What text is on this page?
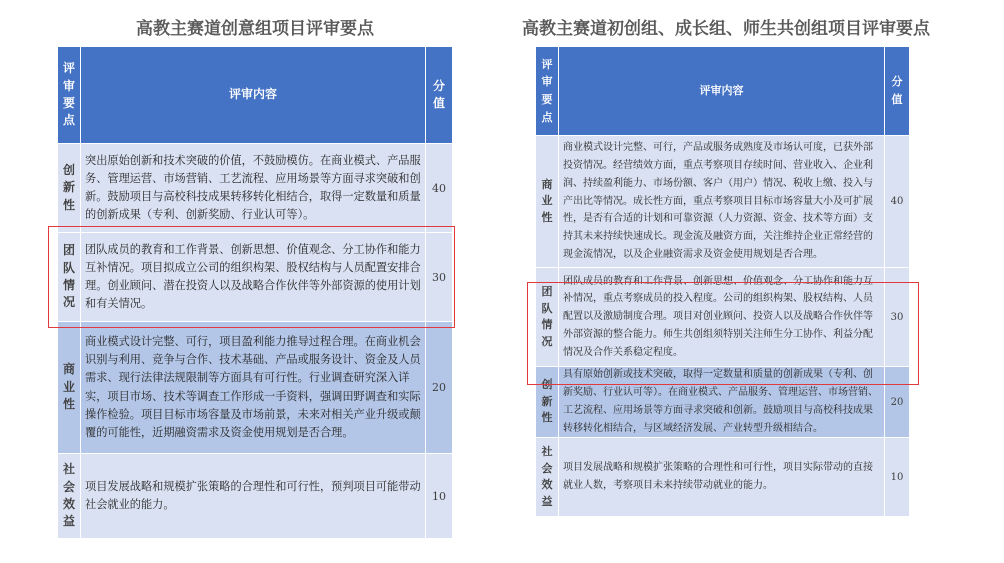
高教主赛道创意组项目评审要点	高教主赛道初创组、成长组、师生共创组项目评审要点
评
审
要
点
评审内容
分值
创
新
性
突出原始创新和技术突破的价值，不鼓励模仿。在商业模式、产品服务、管理运营、市场营销、工艺流程、应用场景等方面寻求突破和创新。鼓励项目与高校科技成果转移转化相结合，取得一定数量和质量的创新成果（专利、创新奖励、行业认可等）。
40
团
队
情
况
团队成员的教育和工作背景、创新思想、价值观念、分工协作和能力互补情况。项目拟成立公司的组织构架、股权结构与人员配置安排合理。创业顾问、潜在投资人以及战略合作伙伴等外部资源的使用计划和有关情况。
30
商
业
性
商业模式设计完整、可行，项目盈利能力推导过程合理。在商业机会识别与利用、竞争与合作、技术基础、产品或服务设计、资金及人员需求、现行法律法规限制等方面具有可行性。行业调查研究深入详实，项目市场、技术等调查工作形成一手资料，强调田野调查和实际操作检验。项目目标市场容量及市场前景，未来对相关产业升级或颠覆的可能性，近期融资需求及资金使用规划是否合理。
20
社
会
效
益
项目发展战略和规模扩张策略的合理性和可行性，预判项目可能带动社会就业的能力。
10
评
审
要
点
评审内容
分值
商
业
性
商业模式设计完整、可行，产品或服务成熟度及市场认可度，已获外部投资情况。经营绩效方面，重点考察项目存续时间、营业收入、企业利润、持续盈利能力、市场份额、客户（用户）情况、税收上缴、投入与产出比等情况。成长性方面，重点考察项目目标市场容量大小及可扩展性，是否有合适的计划和可靠资源（人力资源、资金、技术等方面）支持其未来持续快速成长。现金流及融资方面，关注维持企业正常经营的现金流情况，以及企业融资需求及资金使用规划是否合理。
40
团
队
情
况
团队成员的教育和工作背景、创新思想、价值观念、分工协作和能力互补情况，重点考察成员的投入程度。公司的组织构架、股权结构、人员配置以及激励制度合理。项目对创业顾问、投资人以及战略合作伙伴等外部资源的整合能力。师生共创组须特别关注师生分工协作、利益分配情况及合作关系稳定程度。
30
创
新
性
具有原始创新或技术突破，取得一定数量和质量的创新成果（专利、创新奖励、行业认可等）。在商业模式、产品服务、管理运营、市场营销、工艺流程、应用场景等方面寻求突破和创新。鼓励项目与高校科技成果转移转化相结合，与区域经济发展、产业转型升级相结合。
20
社
会
效
益
项目发展战略和规模扩张策略的合理性和可行性，项目实际带动的直接就业人数，考察项目未来持续带动就业的能力。
10
